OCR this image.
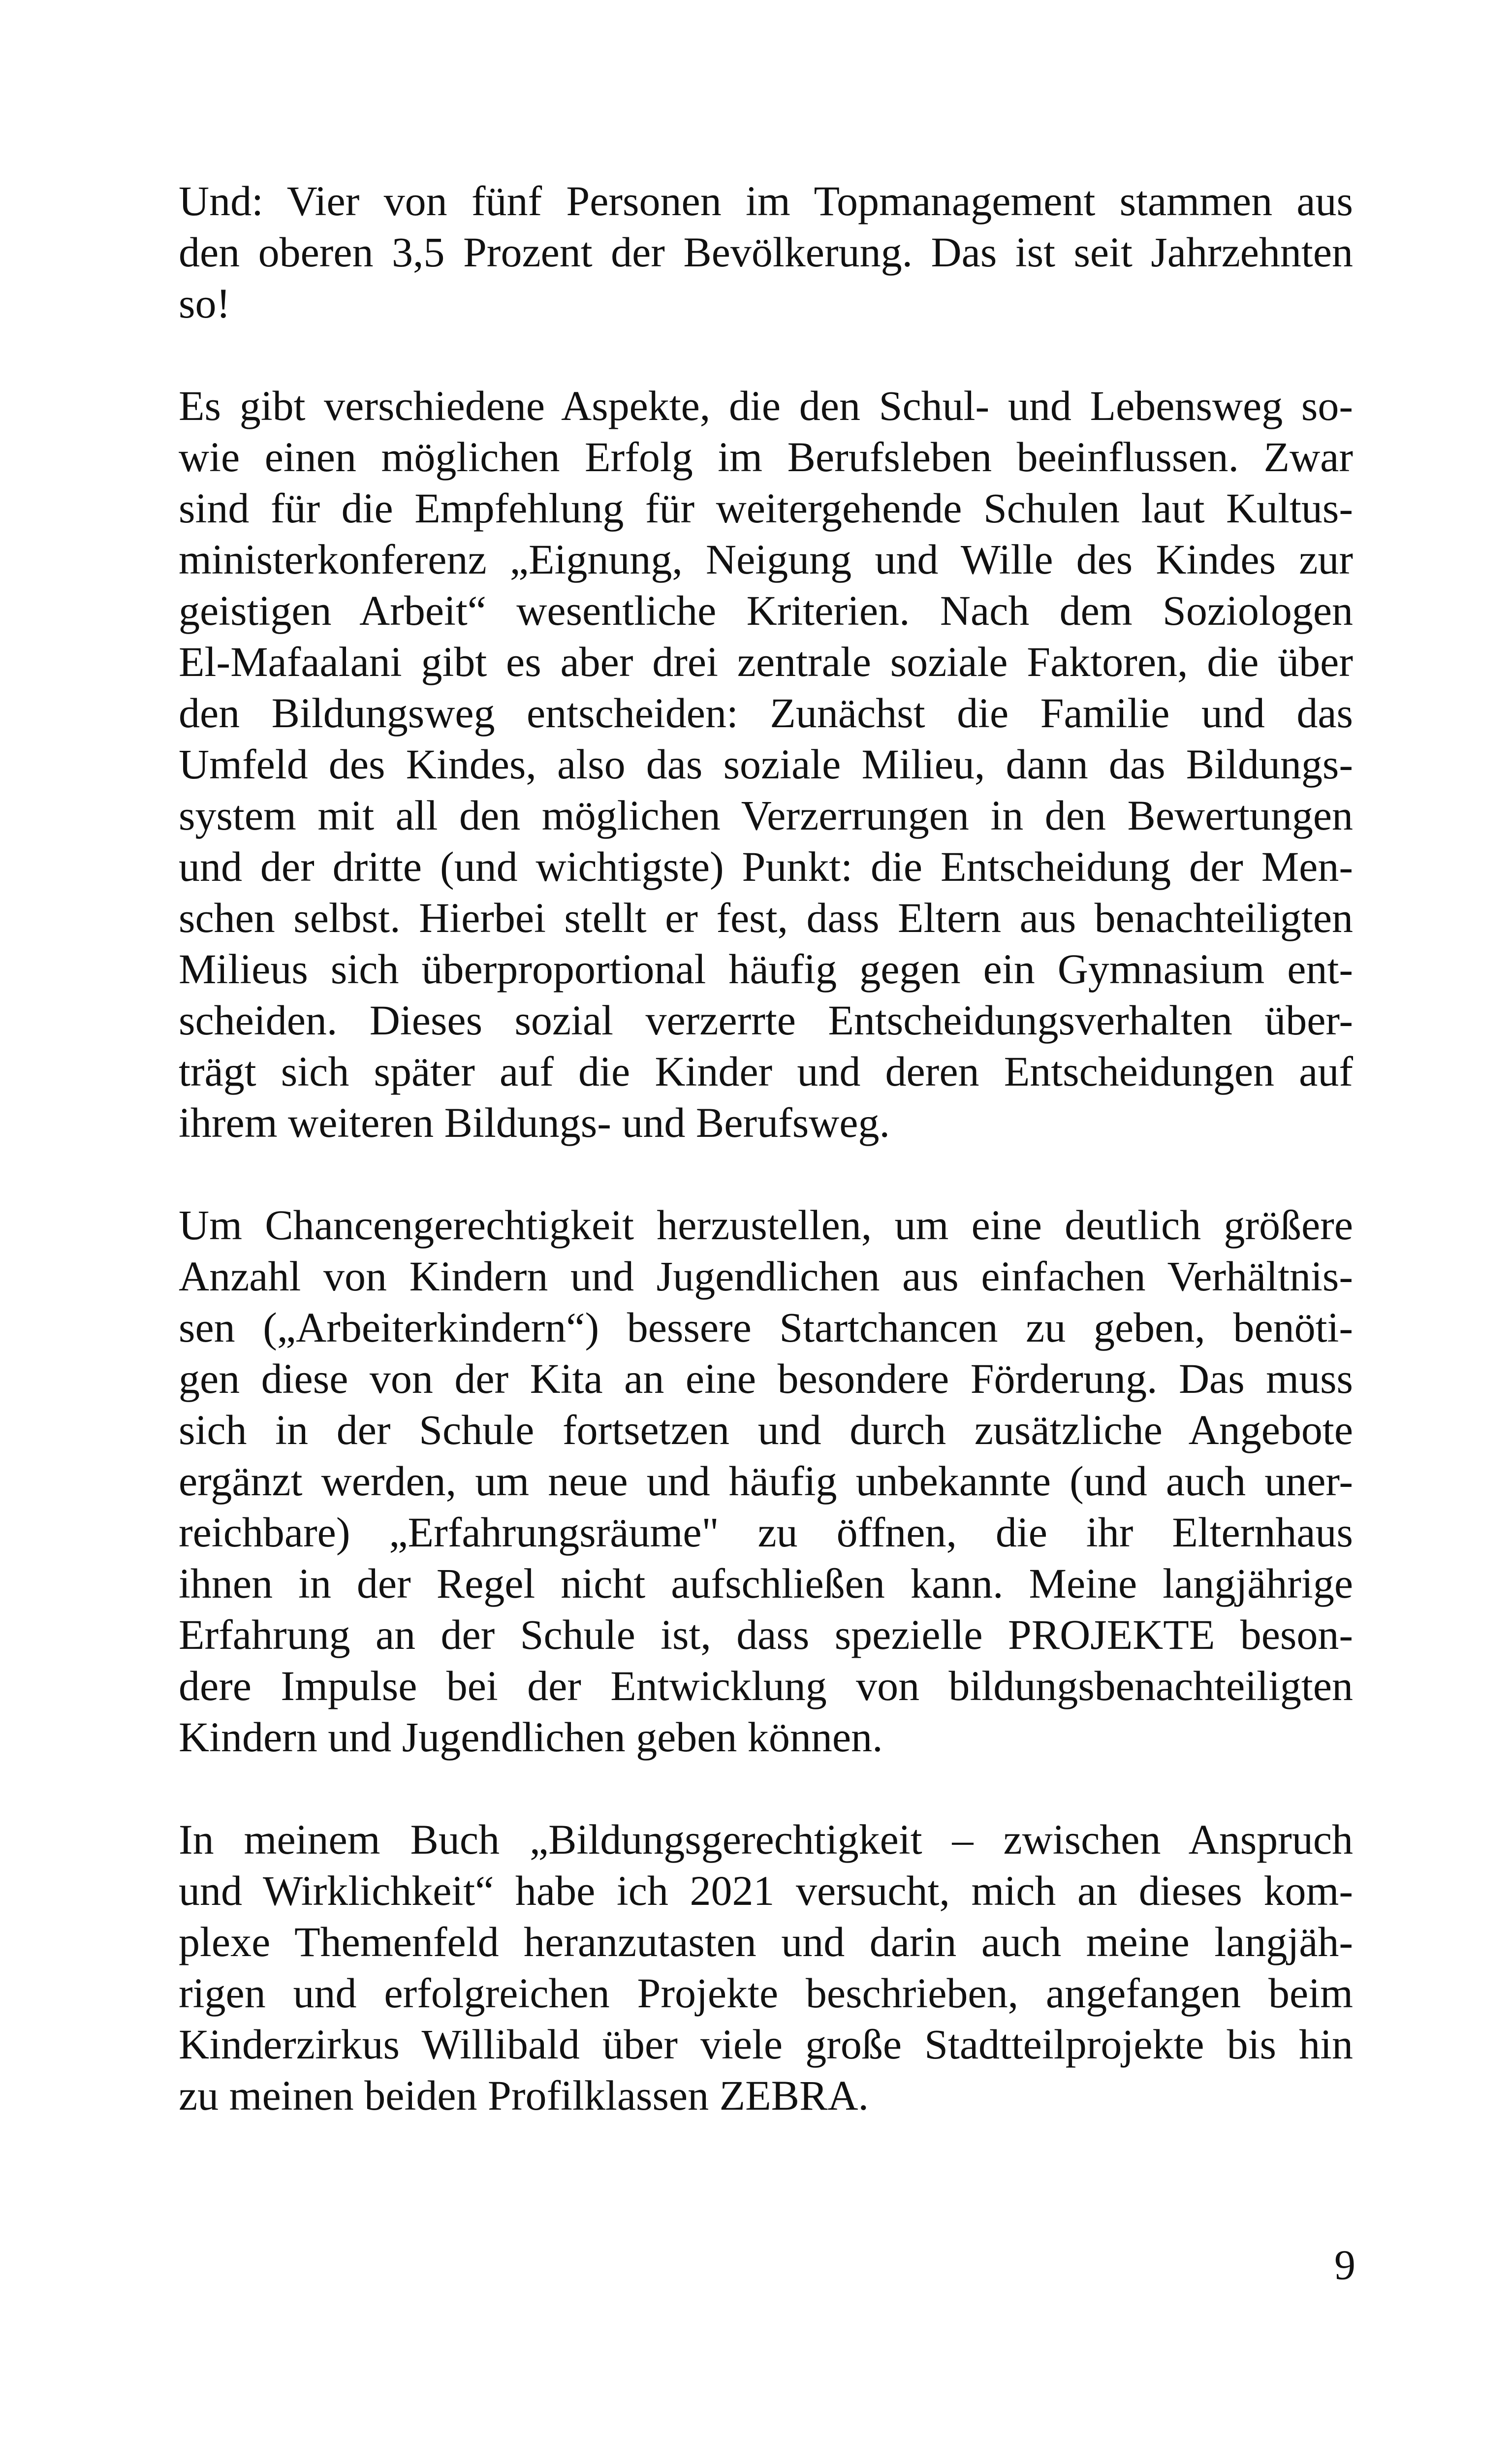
Und: Vier von fünf Personen im Topmanagement stammen aus
den oberen 3,5 Prozent der Bevölkerung. Das ist seit Jahrzehnten
so!

Es gibt verschiedene Aspekte, die den Schul- und Lebensweg so-
wie einen möglichen Erfolg im Berufsleben beeinflussen. Zwar
sind für die Empfehlung für weitergehende Schulen laut Kultus-
ministerkonferenz „Eignung, Neigung und Wille des Kindes zur
geistigen Arbeit“ wesentliche Kriterien. Nach dem Soziologen
El-Mafaalani gibt es aber drei zentrale soziale Faktoren, die über
den Bildungsweg entscheiden: Zunächst die Familie und das
Umfeld des Kindes, also das soziale Milieu, dann das Bildungs-
system mit all den möglichen Verzerrungen in den Bewertungen
und der dritte (und wichtigste) Punkt: die Entscheidung der Men-
schen selbst. Hierbei stellt er fest, dass Eltern aus benachteiligten
Milieus sich überproportional häufig gegen ein Gymnasium ent-
scheiden. Dieses sozial verzerrte Entscheidungsverhalten über-
trägt sich später auf die Kinder und deren Entscheidungen auf
ihrem weiteren Bildungs- und Berufsweg.

Um Chancengerechtigkeit herzustellen, um eine deutlich größere
Anzahl von Kindern und Jugendlichen aus einfachen Verhältnis-
sen („Arbeiterkindern“) bessere Startchancen zu geben, benöti-
gen diese von der Kita an eine besondere Förderung. Das muss
sich in der Schule fortsetzen und durch zusätzliche Angebote
ergänzt werden, um neue und häufig unbekannte (und auch uner-
reichbare) „Erfahrungsräume" zu öffnen, die ihr Elternhaus
ihnen in der Regel nicht aufschließen kann. Meine langjährige
Erfahrung an der Schule ist, dass spezielle PROJEKTE beson-
dere Impulse bei der Entwicklung von bildungsbenachteiligten
Kindern und Jugendlichen geben können.

In meinem Buch „Bildungsgerechtigkeit – zwischen Anspruch
und Wirklichkeit“ habe ich 2021 versucht, mich an dieses kom-
plexe Themenfeld heranzutasten und darin auch meine langjäh-
rigen und erfolgreichen Projekte beschrieben, angefangen beim
Kinderzirkus Willibald über viele große Stadtteilprojekte bis hin
zu meinen beiden Profilklassen ZEBRA.

9
